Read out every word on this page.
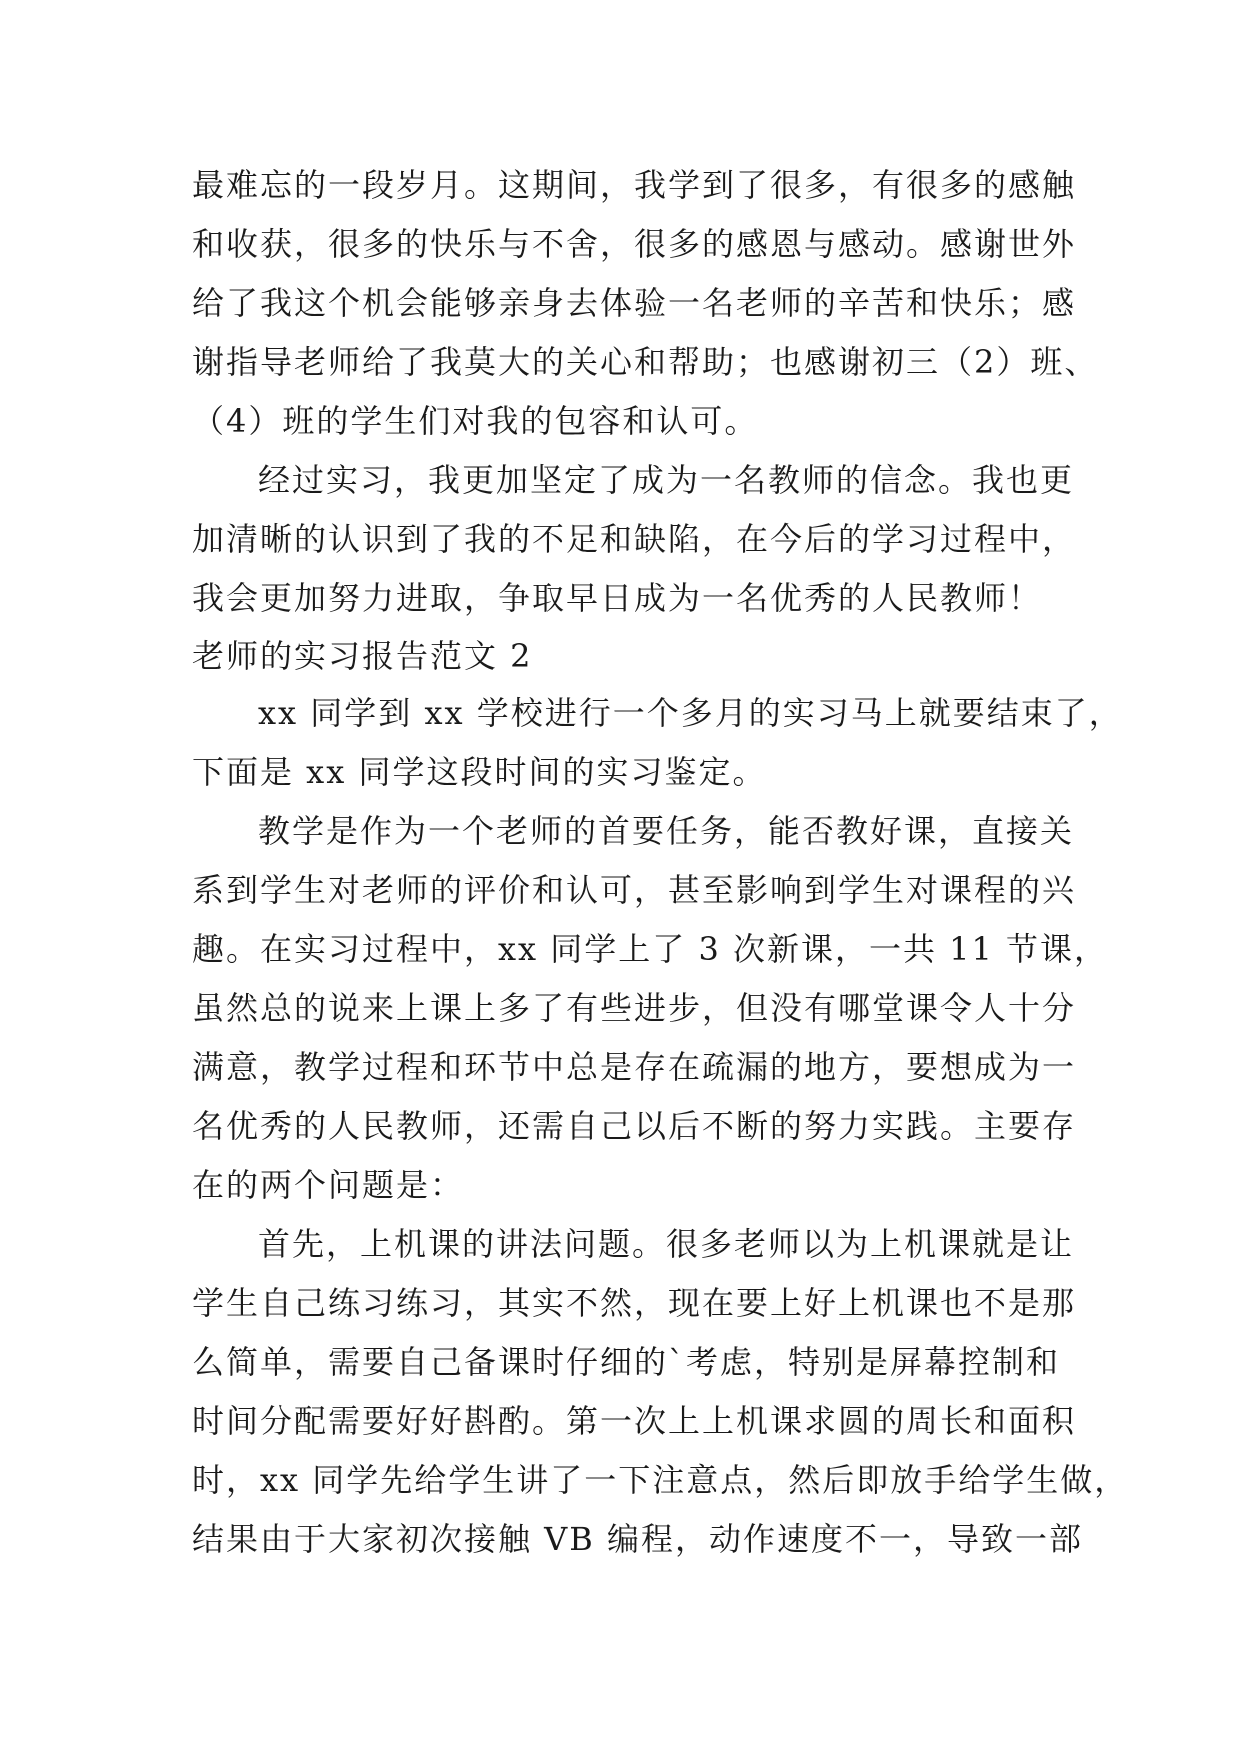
最难忘的一段岁月。这期间，我学到了很多，有很多的感触
和收获，很多的快乐与不舍，很多的感恩与感动。感谢世外
给了我这个机会能够亲身去体验一名老师的辛苦和快乐；感
谢指导老师给了我莫大的关心和帮助；也感谢初三（2）班、
（4）班的学生们对我的包容和认可。
经过实习，我更加坚定了成为一名教师的信念。我也更
加清晰的认识到了我的不足和缺陷，在今后的学习过程中，
我会更加努力进取，争取早日成为一名优秀的人民教师！
老师的实习报告范文 2
xx 同学到 xx 学校进行一个多月的实习马上就要结束了，
下面是 xx 同学这段时间的实习鉴定。
教学是作为一个老师的首要任务，能否教好课，直接关
系到学生对老师的评价和认可，甚至影响到学生对课程的兴
趣。在实习过程中，xx 同学上了 3 次新课，一共 11 节课，
虽然总的说来上课上多了有些进步，但没有哪堂课令人十分
满意，教学过程和环节中总是存在疏漏的地方，要想成为一
名优秀的人民教师，还需自己以后不断的努力实践。主要存
在的两个问题是：
首先，上机课的讲法问题。很多老师以为上机课就是让
学生自己练习练习，其实不然，现在要上好上机课也不是那
么简单，需要自己备课时仔细的`考虑，特别是屏幕控制和
时间分配需要好好斟酌。第一次上上机课求圆的周长和面积
时，xx 同学先给学生讲了一下注意点，然后即放手给学生做，
结果由于大家初次接触 VB 编程，动作速度不一，导致一部
